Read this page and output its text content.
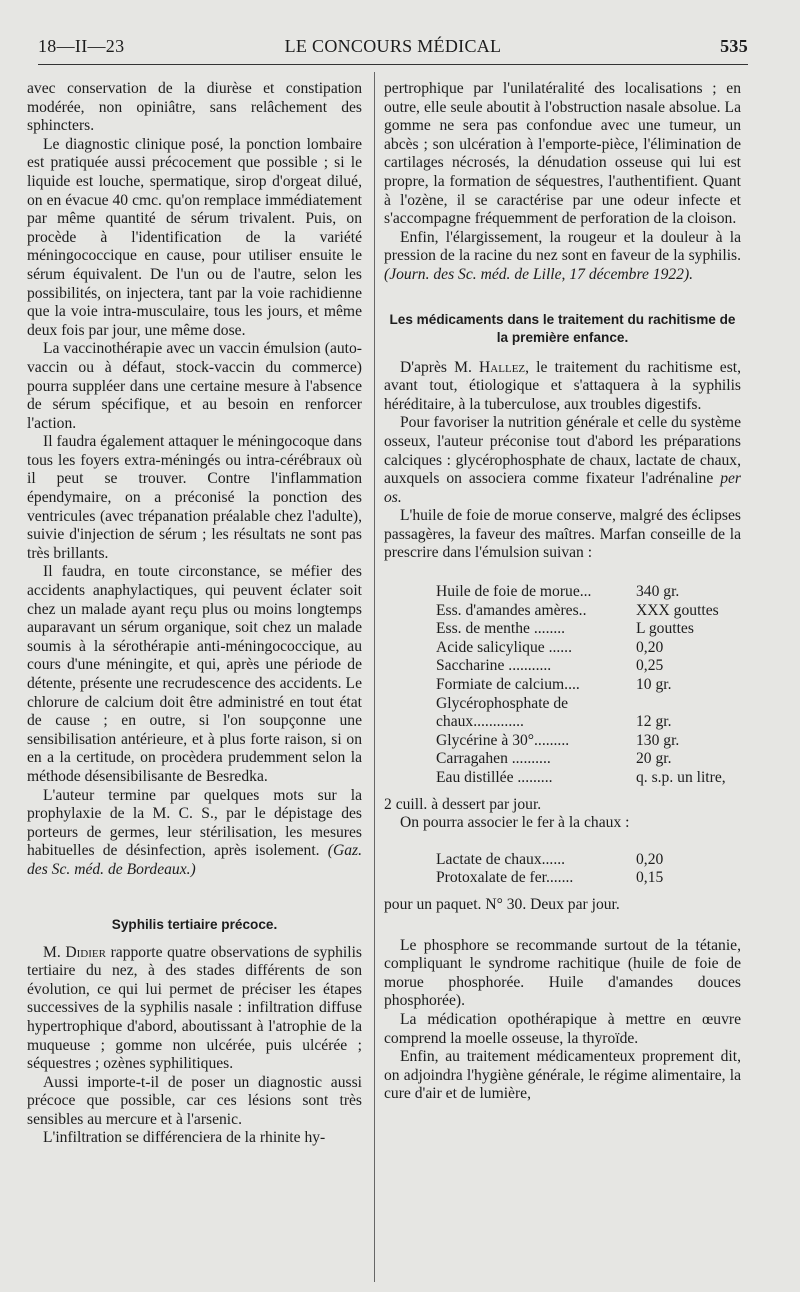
18—II—23	LE CONCOURS MÉDICAL	535

avec conservation de la diurèse et constipation modérée, non opiniâtre, sans relâchement des sphincters.

Le diagnostic clinique posé, la ponction lombaire est pratiquée aussi précocement que possible ; si le liquide est louche, spermatique, sirop d'orgeat dilué, on en évacue 40 cmc. qu'on remplace immédiatement par même quantité de sérum trivalent. Puis, on procède à l'identification de la variété méningococcique en cause, pour utiliser ensuite le sérum équivalent. De l'un ou de l'autre, selon les possibilités, on injectera, tant par la voie rachidienne que la voie intra-musculaire, tous les jours, et même deux fois par jour, une même dose.

La vaccinothérapie avec un vaccin émulsion (auto-vaccin ou à défaut, stock-vaccin du commerce) pourra suppléer dans une certaine mesure à l'absence de sérum spécifique, et au besoin en renforcer l'action.

Il faudra également attaquer le méningocoque dans tous les foyers extra-méningés ou intra-cérébraux où il peut se trouver. Contre l'inflammation épendymaire, on a préconisé la ponction des ventricules (avec trépanation préalable chez l'adulte), suivie d'injection de sérum ; les résultats ne sont pas très brillants.

Il faudra, en toute circonstance, se méfier des accidents anaphylactiques, qui peuvent éclater soit chez un malade ayant reçu plus ou moins longtemps auparavant un sérum organique, soit chez un malade soumis à la sérothérapie anti-méningococcique, au cours d'une méningite, et qui, après une période de détente, présente une recrudescence des accidents. Le chlorure de calcium doit être administré en tout état de cause ; en outre, si l'on soupçonne une sensibilisation antérieure, et à plus forte raison, si on en a la certitude, on procèdera prudemment selon la méthode désensibilisante de Besredka.

L'auteur termine par quelques mots sur la prophylaxie de la M. C. S., par le dépistage des porteurs de germes, leur stérilisation, les mesures habituelles de désinfection, après isolement. (Gaz. des Sc. méd. de Bordeaux.)

Syphilis tertiaire précoce.

M. Didier rapporte quatre observations de syphilis tertiaire du nez, à des stades différents de son évolution, ce qui lui permet de préciser les étapes successives de la syphilis nasale : infiltration diffuse hypertrophique d'abord, aboutissant à l'atrophie de la muqueuse ; gomme non ulcérée, puis ulcérée ; séquestres ; ozènes syphilitiques.

Aussi importe-t-il de poser un diagnostic aussi précoce que possible, car ces lésions sont très sensibles au mercure et à l'arsenic.

L'infiltration se différenciera de la rhinite hy-

pertrophique par l'unilatéralité des localisations ; en outre, elle seule aboutit à l'obstruction nasale absolue. La gomme ne sera pas confondue avec une tumeur, un abcès ; son ulcération à l'emporte-pièce, l'élimination de cartilages nécrosés, la dénudation osseuse qui lui est propre, la formation de séquestres, l'authentifient. Quant à l'ozène, il se caractérise par une odeur infecte et s'accompagne fréquemment de perforation de la cloison.

Enfin, l'élargissement, la rougeur et la douleur à la pression de la racine du nez sont en faveur de la syphilis. (Journ. des Sc. méd. de Lille, 17 décembre 1922).

Les médicaments dans le traitement du rachitisme de la première enfance.

D'après M. Hallez, le traitement du rachitisme est, avant tout, étiologique et s'attaquera à la syphilis héréditaire, à la tuberculose, aux troubles digestifs.

Pour favoriser la nutrition générale et celle du système osseux, l'auteur préconise tout d'abord les préparations calciques : glycérophosphate de chaux, lactate de chaux, auxquels on associera comme fixateur l'adrénaline per os.

L'huile de foie de morue conserve, malgré des éclipses passagères, la faveur des maîtres. Marfan conseille de la prescrire dans l'émulsion suivan :

Huile de foie de morue...	340 gr.
Ess. d'amandes amères..	XXX gouttes
Ess. de menthe ........	L gouttes
Acide salicylique ......	0,20
Saccharine ...........	0,25
Formiate de calcium....	10 gr.
Glycérophosphate de
chaux.............	12 gr.
Glycérine à 30°.........	130 gr.
Carragahen ..........	20 gr.
Eau distillée .........	q. s.p. un litre,

2 cuill. à dessert par jour.

On pourra associer le fer à la chaux :

Lactate de chaux......	0,20
Protoxalate de fer.......	0,15

pour un paquet. N° 30. Deux par jour.

Le phosphore se recommande surtout de la tétanie, compliquant le syndrome rachitique (huile de foie de morue phosphorée. Huile d'amandes douces phosphorée).

La médication opothérapique à mettre en œuvre comprend la moelle osseuse, la thyroïde.

Enfin, au traitement médicamenteux proprement dit, on adjoindra l'hygiène générale, le régime alimentaire, la cure d'air et de lumière,
